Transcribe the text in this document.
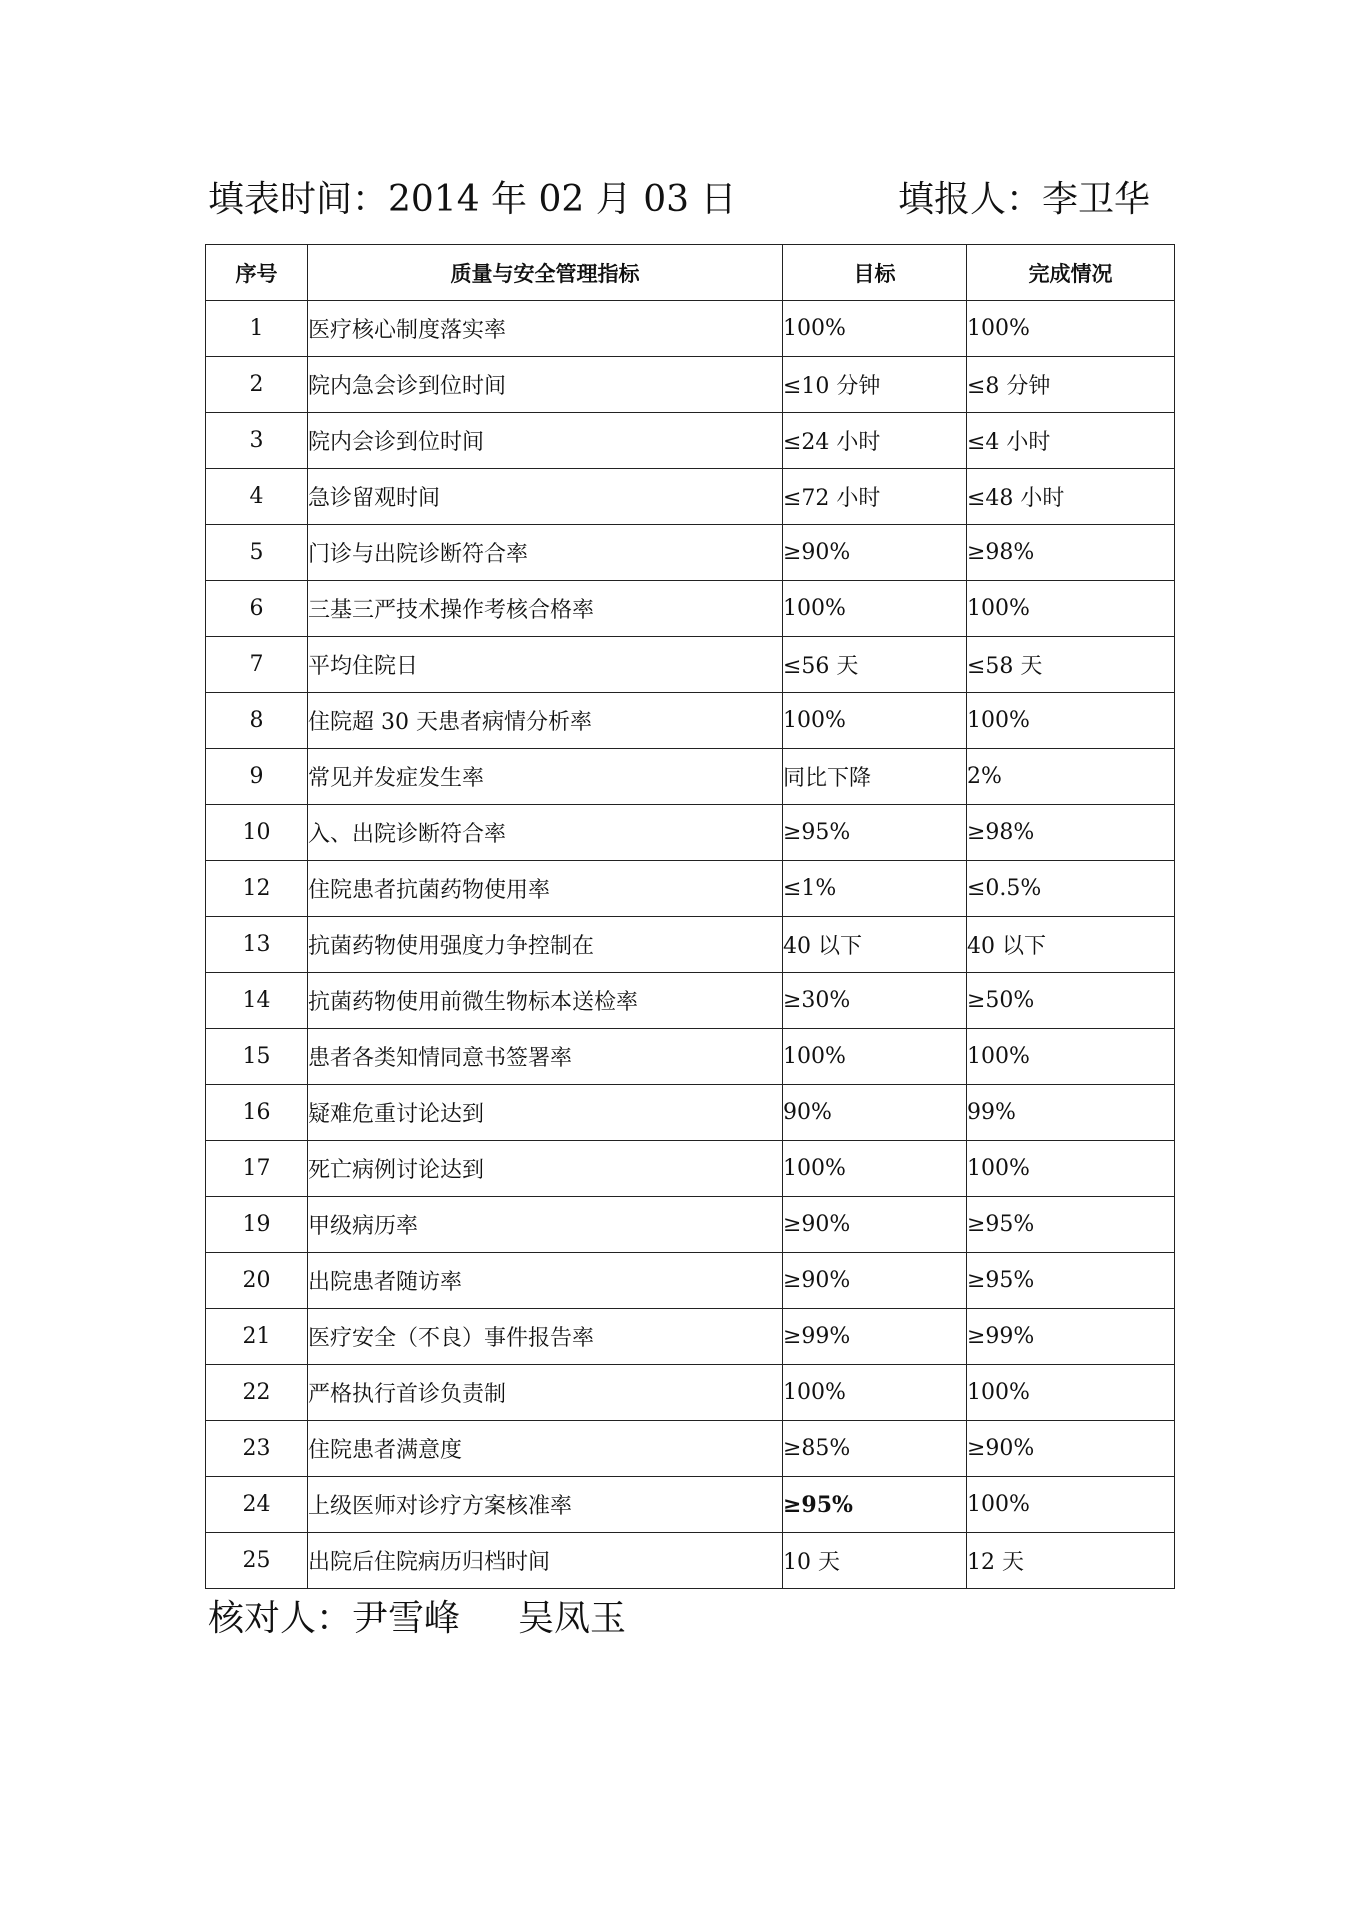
填表时间：2014 年 02 月 03 日	填报人：李卫华
序号	质量与安全管理指标	目标	完成情况
1	医疗核心制度落实率	100%	100%
2	院内急会诊到位时间	≤10 分钟	≤8 分钟
3	院内会诊到位时间	≤24 小时	≤4 小时
4	急诊留观时间	≤72 小时	≤48 小时
5	门诊与出院诊断符合率	≥90%	≥98%
6	三基三严技术操作考核合格率	100%	100%
7	平均住院日	≤56 天	≤58 天
8	住院超 30 天患者病情分析率	100%	100%
9	常见并发症发生率	同比下降	2%
10	入、出院诊断符合率	≥95%	≥98%
12	住院患者抗菌药物使用率	≤1%	≤0.5%
13	抗菌药物使用强度力争控制在	40 以下	40 以下
14	抗菌药物使用前微生物标本送检率	≥30%	≥50%
15	患者各类知情同意书签署率	100%	100%
16	疑难危重讨论达到	90%	99%
17	死亡病例讨论达到	100%	100%
19	甲级病历率	≥90%	≥95%
20	出院患者随访率	≥90%	≥95%
21	医疗安全（不良）事件报告率	≥99%	≥99%
22	严格执行首诊负责制	100%	100%
23	住院患者满意度	≥85%	≥90%
24	上级医师对诊疗方案核准率	≥95%	100%
25	出院后住院病历归档时间	10 天	12 天
核对人：尹雪峰 吴凤玉
